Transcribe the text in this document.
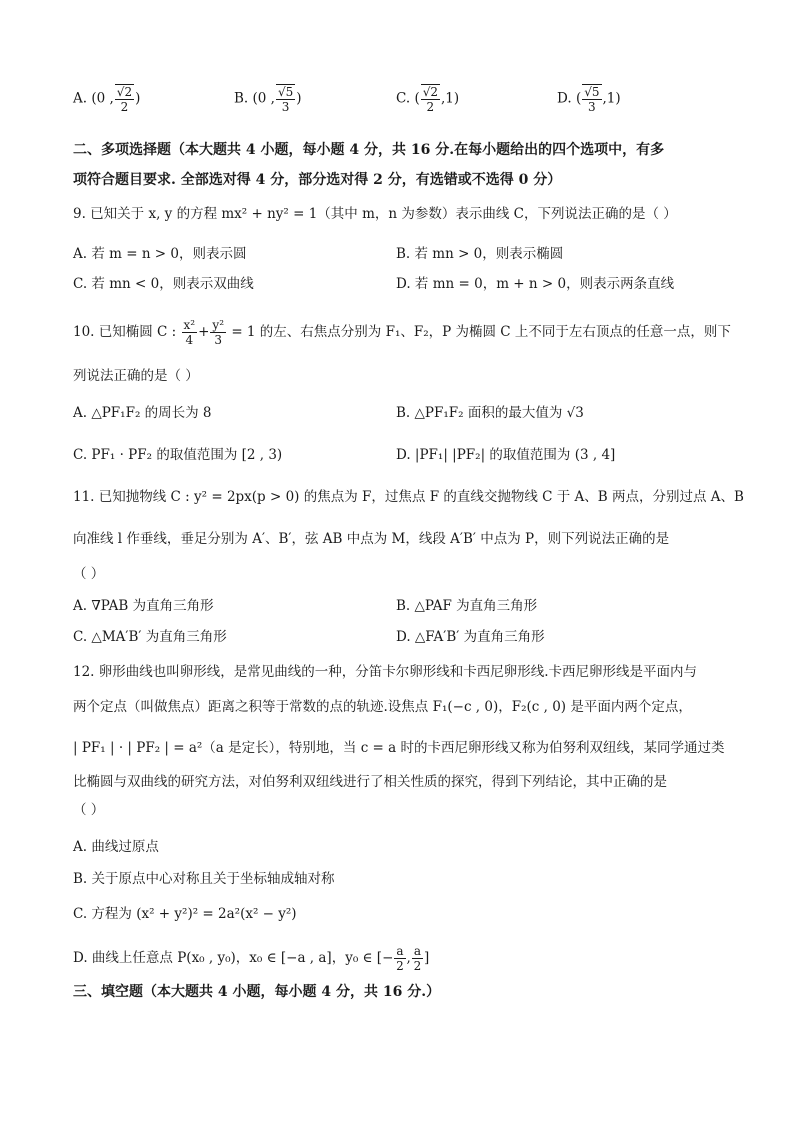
A. (0 , $\frac{√2}{2}$ )	B. (0 , $\frac{√5}{3}$ )	C. ( $\frac{√2}{2} ,1$)	D. ( $\frac{√5}{3} ,1$)
二、多项选择题（本大题共 4 小题，每小题 4 分，共 16 分.在每小题给出的四个选项中，有多
项符合题目要求. 全部选对得 4 分，部分选对得 2 分，有选错或不选得 0 分）
9. 已知关于 x, y 的方程 mx² + ny² = 1（其中 m，n 为参数）表示曲线 C，下列说法正确的是（ ）
A. 若 m = n > 0，则表示圆	B. 若 mn > 0，则表示椭圆
C. 若 mn < 0，则表示双曲线	D. 若 mn = 0，m + n > 0，则表示两条直线
10. 已知椭圆 C : $\frac{\text{x²}}{4} + \frac{\text{y²}}{3} = 1$ 的左、右焦点分别为 F₁、F₂，P 为椭圆 C 上不同于左右顶点的任意一点，则下
列说法正确的是（ ）
A. △PF₁F₂ 的周长为 8	B. △PF₁F₂ 面积的最大值为 √3
C. PF₁ · PF₂ 的取值范围为 [2 , 3)	D. |PF₁| |PF₂| 的取值范围为 (3 , 4]
11. 已知抛物线 C : y² = 2px(p > 0) 的焦点为 F，过焦点 F 的直线交抛物线 C 于 A、B 两点，分别过点 A、B
向准线 l 作垂线，垂足分别为 A′、B′，弦 AB 中点为 M，线段 A′B′ 中点为 P，则下列说法正确的是
（ ）
A. ∇PAB 为直角三角形	B. △PAF 为直角三角形
C. △MA′B′ 为直角三角形	D. △FA′B′ 为直角三角形
12. 卵形曲线也叫卵形线，是常见曲线的一种，分笛卡尔卵形线和卡西尼卵形线.卡西尼卵形线是平面内与
两个定点（叫做焦点）距离之积等于常数的点的轨迹.设焦点 F₁(−c , 0)，F₂(c , 0) 是平面内两个定点，
| PF₁ | · | PF₂ | = a²（a 是定长），特别地，当 c = a 时的卡西尼卵形线又称为伯努利双纽线，某同学通过类
比椭圆与双曲线的研究方法，对伯努利双纽线进行了相关性质的探究，得到下列结论，其中正确的是
（ ）
A. 曲线过原点
B. 关于原点中心对称且关于坐标轴成轴对称
C. 方程为 (x² + y²)² = 2a²(x² − y²)
D. 曲线上任意点 P(x₀ , y₀)，x₀ ∈ [−a , a]，y₀ ∈ [− $\frac{a}{2}$ , $\frac{a}{2}$ ]
三、填空题（本大题共 4 小题，每小题 4 分，共 16 分.）
